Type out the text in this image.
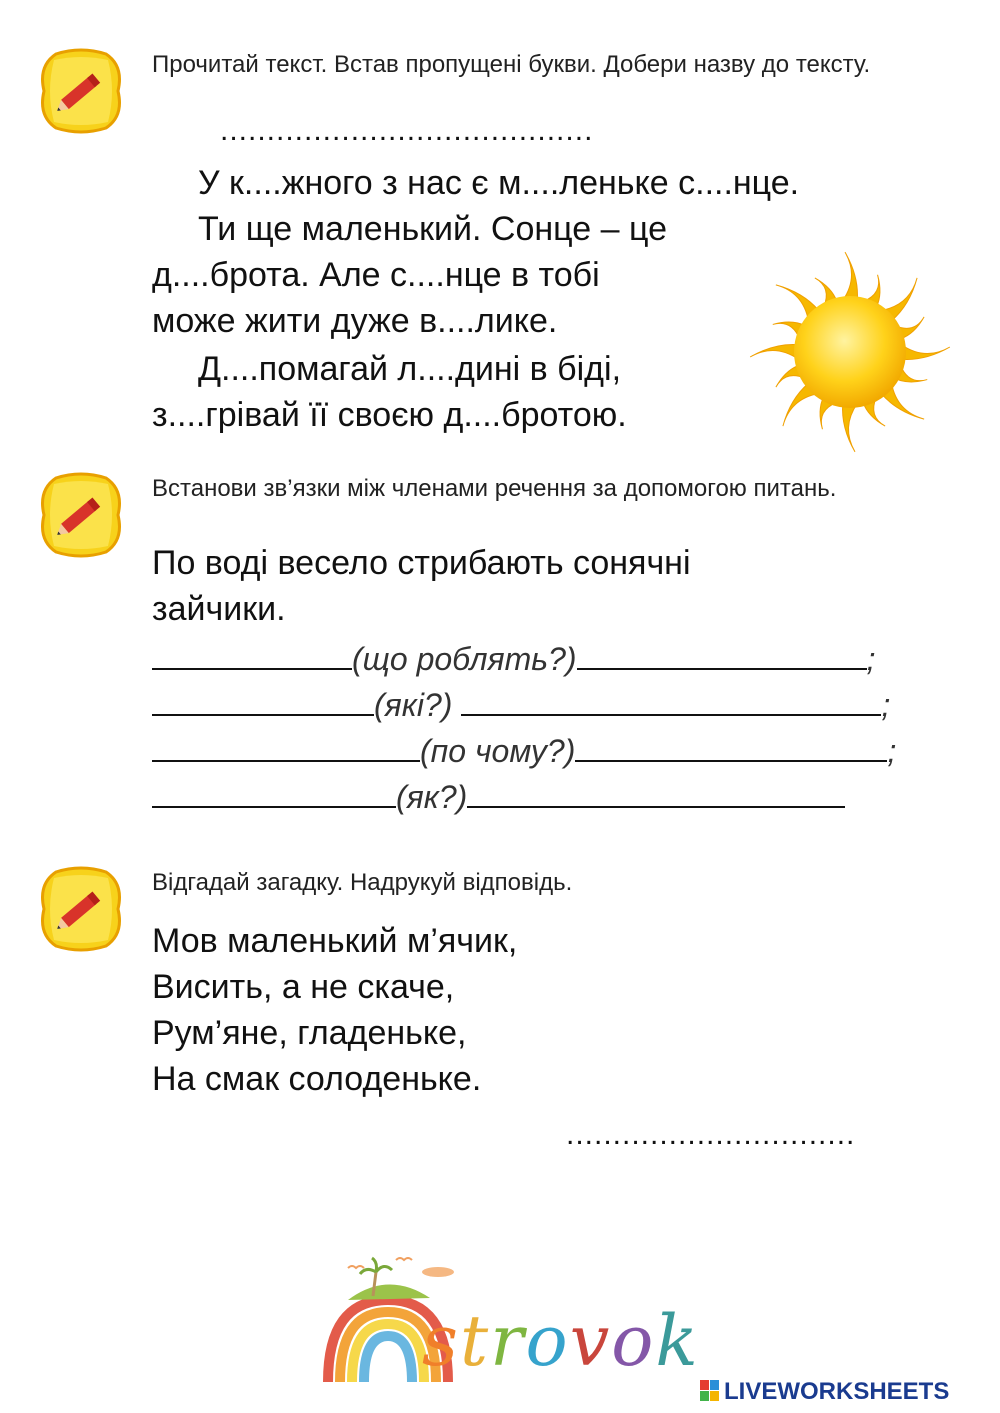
Прочитай текст. Встав пропущені букви. Добери назву до тексту.
........................................
У к....жного з нас є м....леньке с....нце.
Ти ще маленький. Сонце – це
д....брота. Але с....нце в тобі
може жити дуже в....лике.
Д....помагай л....дині в біді,
з....грівай її своєю д....бротою.
Встанови зв’язки між членами речення за допомогою питань.
По воді весело стрибають сонячні
зайчики.
(що роблять?)	;
(які?)	;
(по чому?)	;
(як?)
Відгадай загадку. Надрукуй відповідь.
Мов маленький м’ячик,
Висить, а не скаче,
Рум’яне, гладеньке,
На смак солоденьке.
...............................
strovok
LIVEWORKSHEETS
